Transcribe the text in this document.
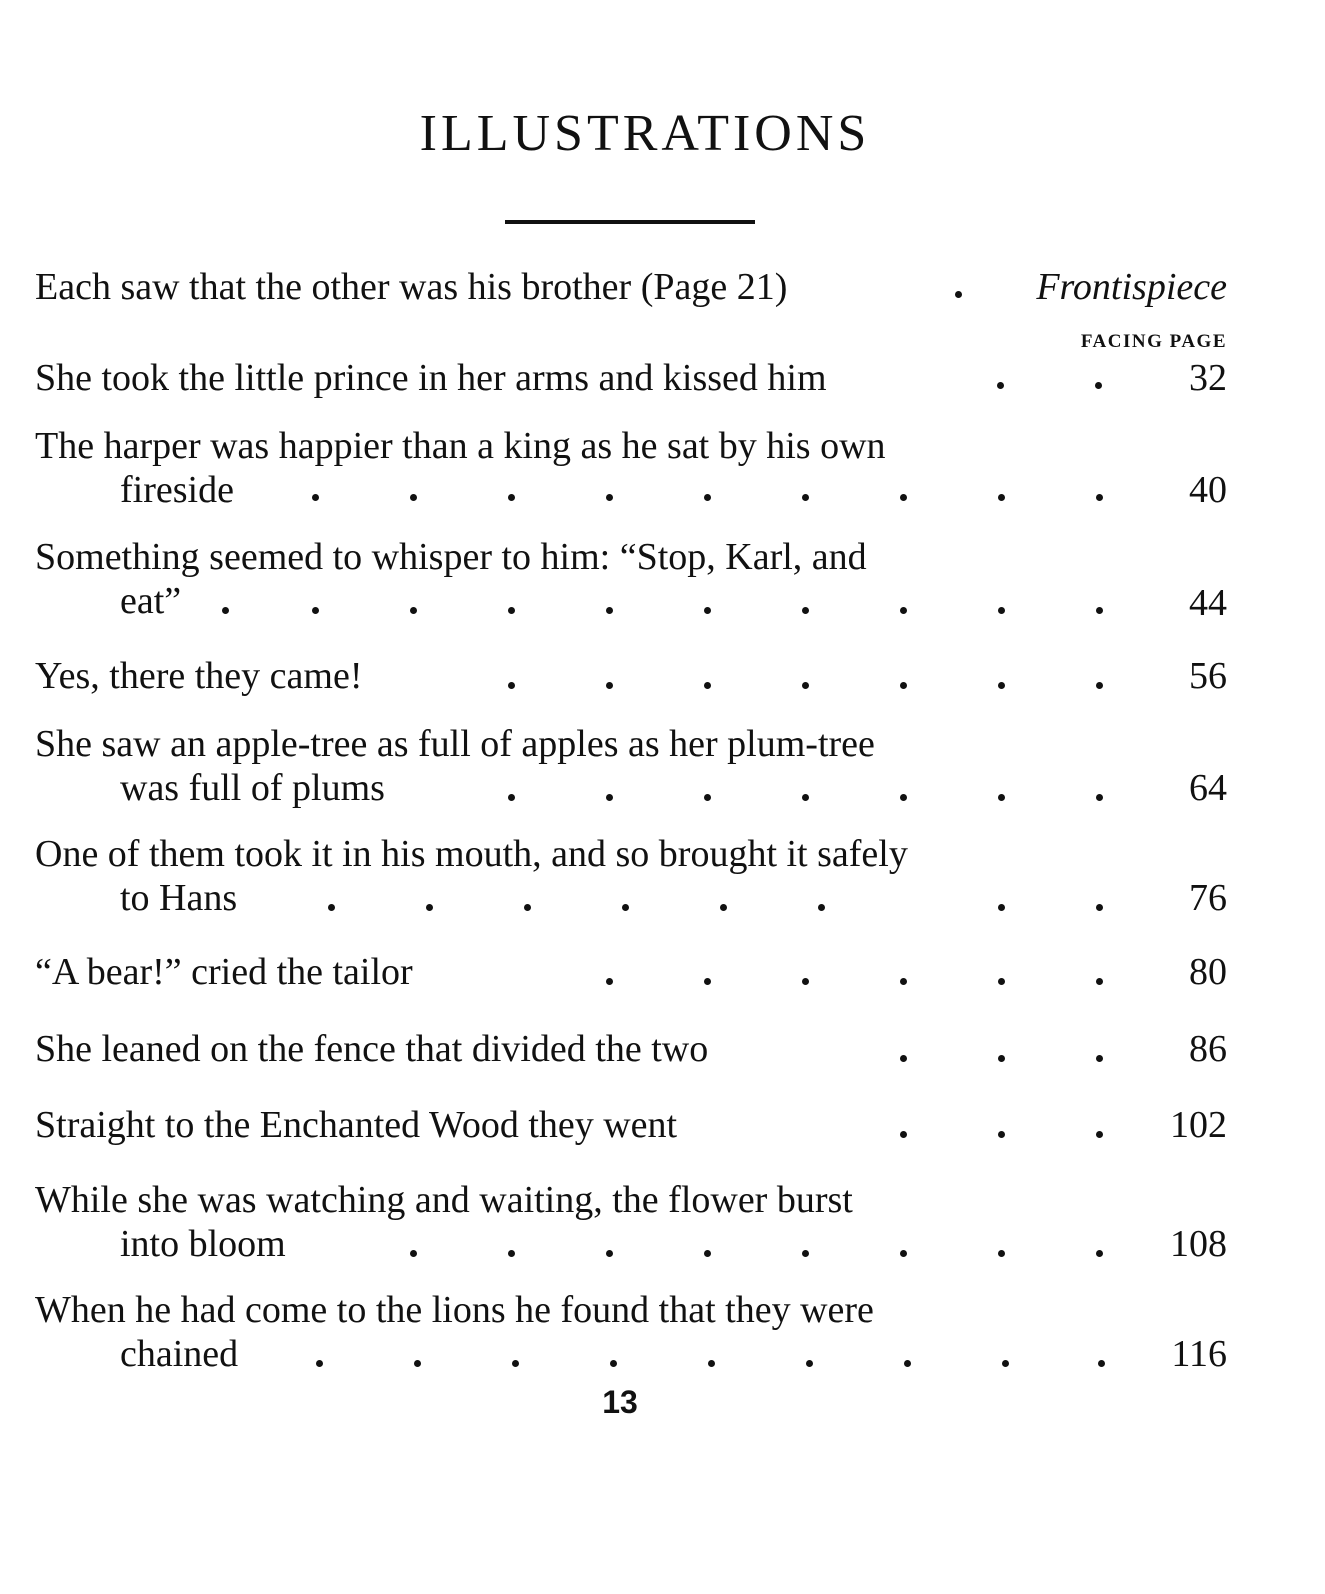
ILLUSTRATIONS
Each saw that the other was his brother (Page 21)	Frontispiece
FACING PAGE
She took the little prince in her arms and kissed him	32
The harper was happier than a king as he sat by his own
fireside	40
Something seemed to whisper to him: “Stop, Karl, and
eat”	44
Yes, there they came!	56
She saw an apple-tree as full of apples as her plum-tree
was full of plums	64
One of them took it in his mouth, and so brought it safely
to Hans	76
“A bear!” cried the tailor	80
She leaned on the fence that divided the two	86
Straight to the Enchanted Wood they went	102
While she was watching and waiting, the flower burst
into bloom	108
When he had come to the lions he found that they were
chained	116
13
